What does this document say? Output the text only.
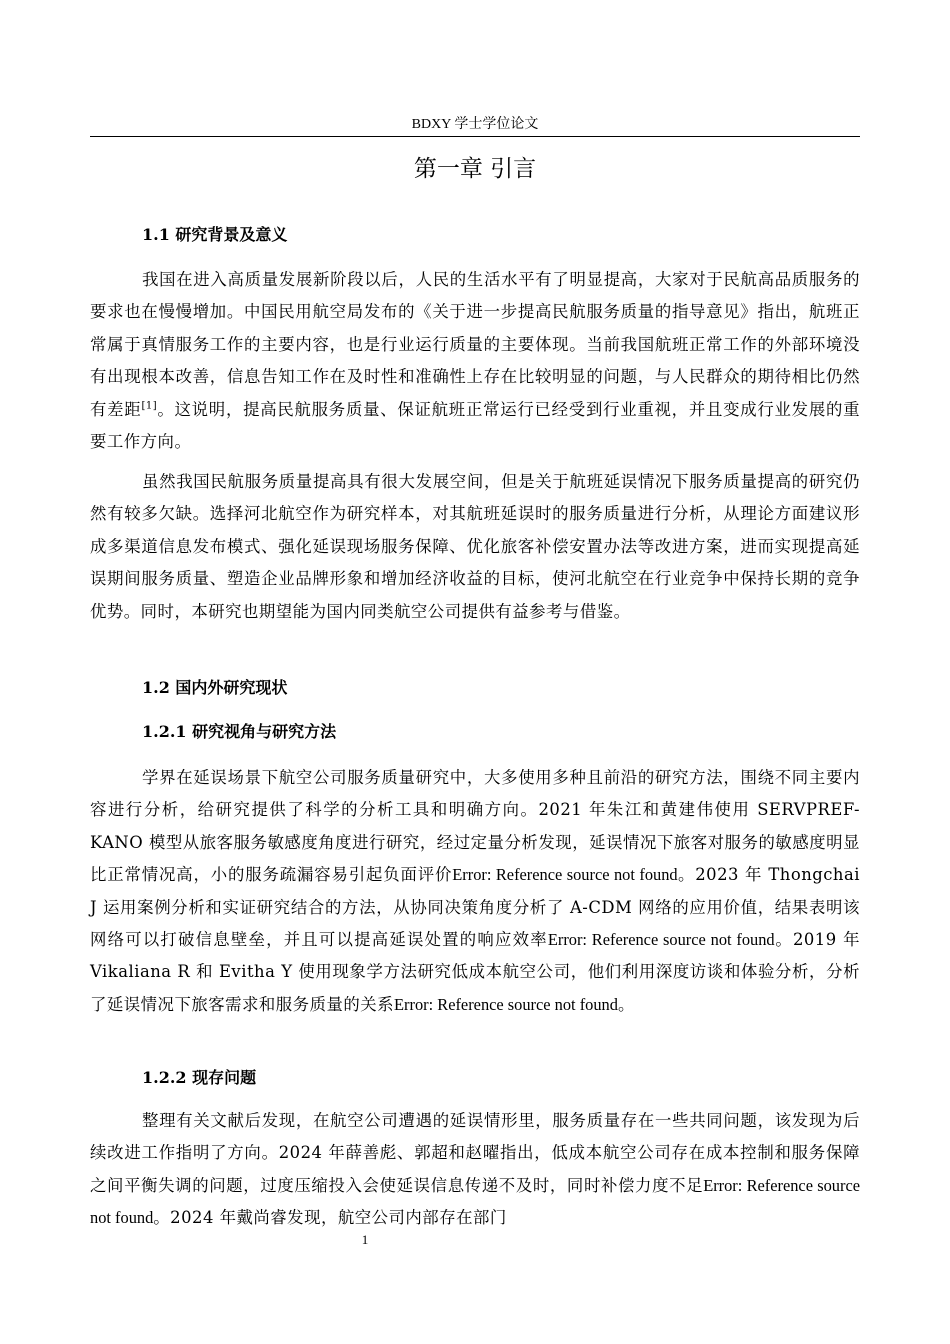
BDXY 学士学位论文
第一章 引言
1.1 研究背景及意义

我国在进入高质量发展新阶段以后，人民的生活水平有了明显提高，大家对于民航高品质服务的要求也在慢慢增加。中国民用航空局发布的《关于进一步提高民航服务质量的指导意见》指出，航班正常属于真情服务工作的主要内容，也是行业运行质量的主要体现。当前我国航班正常工作的外部环境没有出现根本改善，信息告知工作在及时性和准确性上存在比较明显的问题，与人民群众的期待相比仍然有差距[1]。这说明，提高民航服务质量、保证航班正常运行已经受到行业重视，并且变成行业发展的重要工作方向。

虽然我国民航服务质量提高具有很大发展空间，但是关于航班延误情况下服务质量提高的研究仍然有较多欠缺。选择河北航空作为研究样本，对其航班延误时的服务质量进行分析，从理论方面建议形成多渠道信息发布模式、强化延误现场服务保障、优化旅客补偿安置办法等改进方案，进而实现提高延误期间服务质量、塑造企业品牌形象和增加经济收益的目标，使河北航空在行业竞争中保持长期的竞争优势。同时，本研究也期望能为国内同类航空公司提供有益参考与借鉴。

1.2 国内外研究现状
1.2.1 研究视角与研究方法

学界在延误场景下航空公司服务质量研究中，大多使用多种且前沿的研究方法，围绕不同主要内容进行分析，给研究提供了科学的分析工具和明确方向。2021 年朱江和黄建伟使用 SERVPREF-KANO 模型从旅客服务敏感度角度进行研究，经过定量分析发现，延误情况下旅客对服务的敏感度明显比正常情况高，小的服务疏漏容易引起负面评价Error: Reference source not found。2023 年 Thongchai J 运用案例分析和实证研究结合的方法，从协同决策角度分析了 A-CDM 网络的应用价值，结果表明该网络可以打破信息壁垒，并且可以提高延误处置的响应效率Error: Reference source not found。2019 年 Vikaliana R 和 Evitha Y 使用现象学方法研究低成本航空公司，他们利用深度访谈和体验分析，分析了延误情况下旅客需求和服务质量的关系Error: Reference source not found。

1.2.2 现存问题

整理有关文献后发现，在航空公司遭遇的延误情形里，服务质量存在一些共同问题，该发现为后续改进工作指明了方向。2024 年薛善彪、郭超和赵曜指出，低成本航空公司存在成本控制和服务保障之间平衡失调的问题，过度压缩投入会使延误信息传递不及时，同时补偿力度不足Error: Reference source not found。2024 年戴尚睿发现，航空公司内部存在部门

1
